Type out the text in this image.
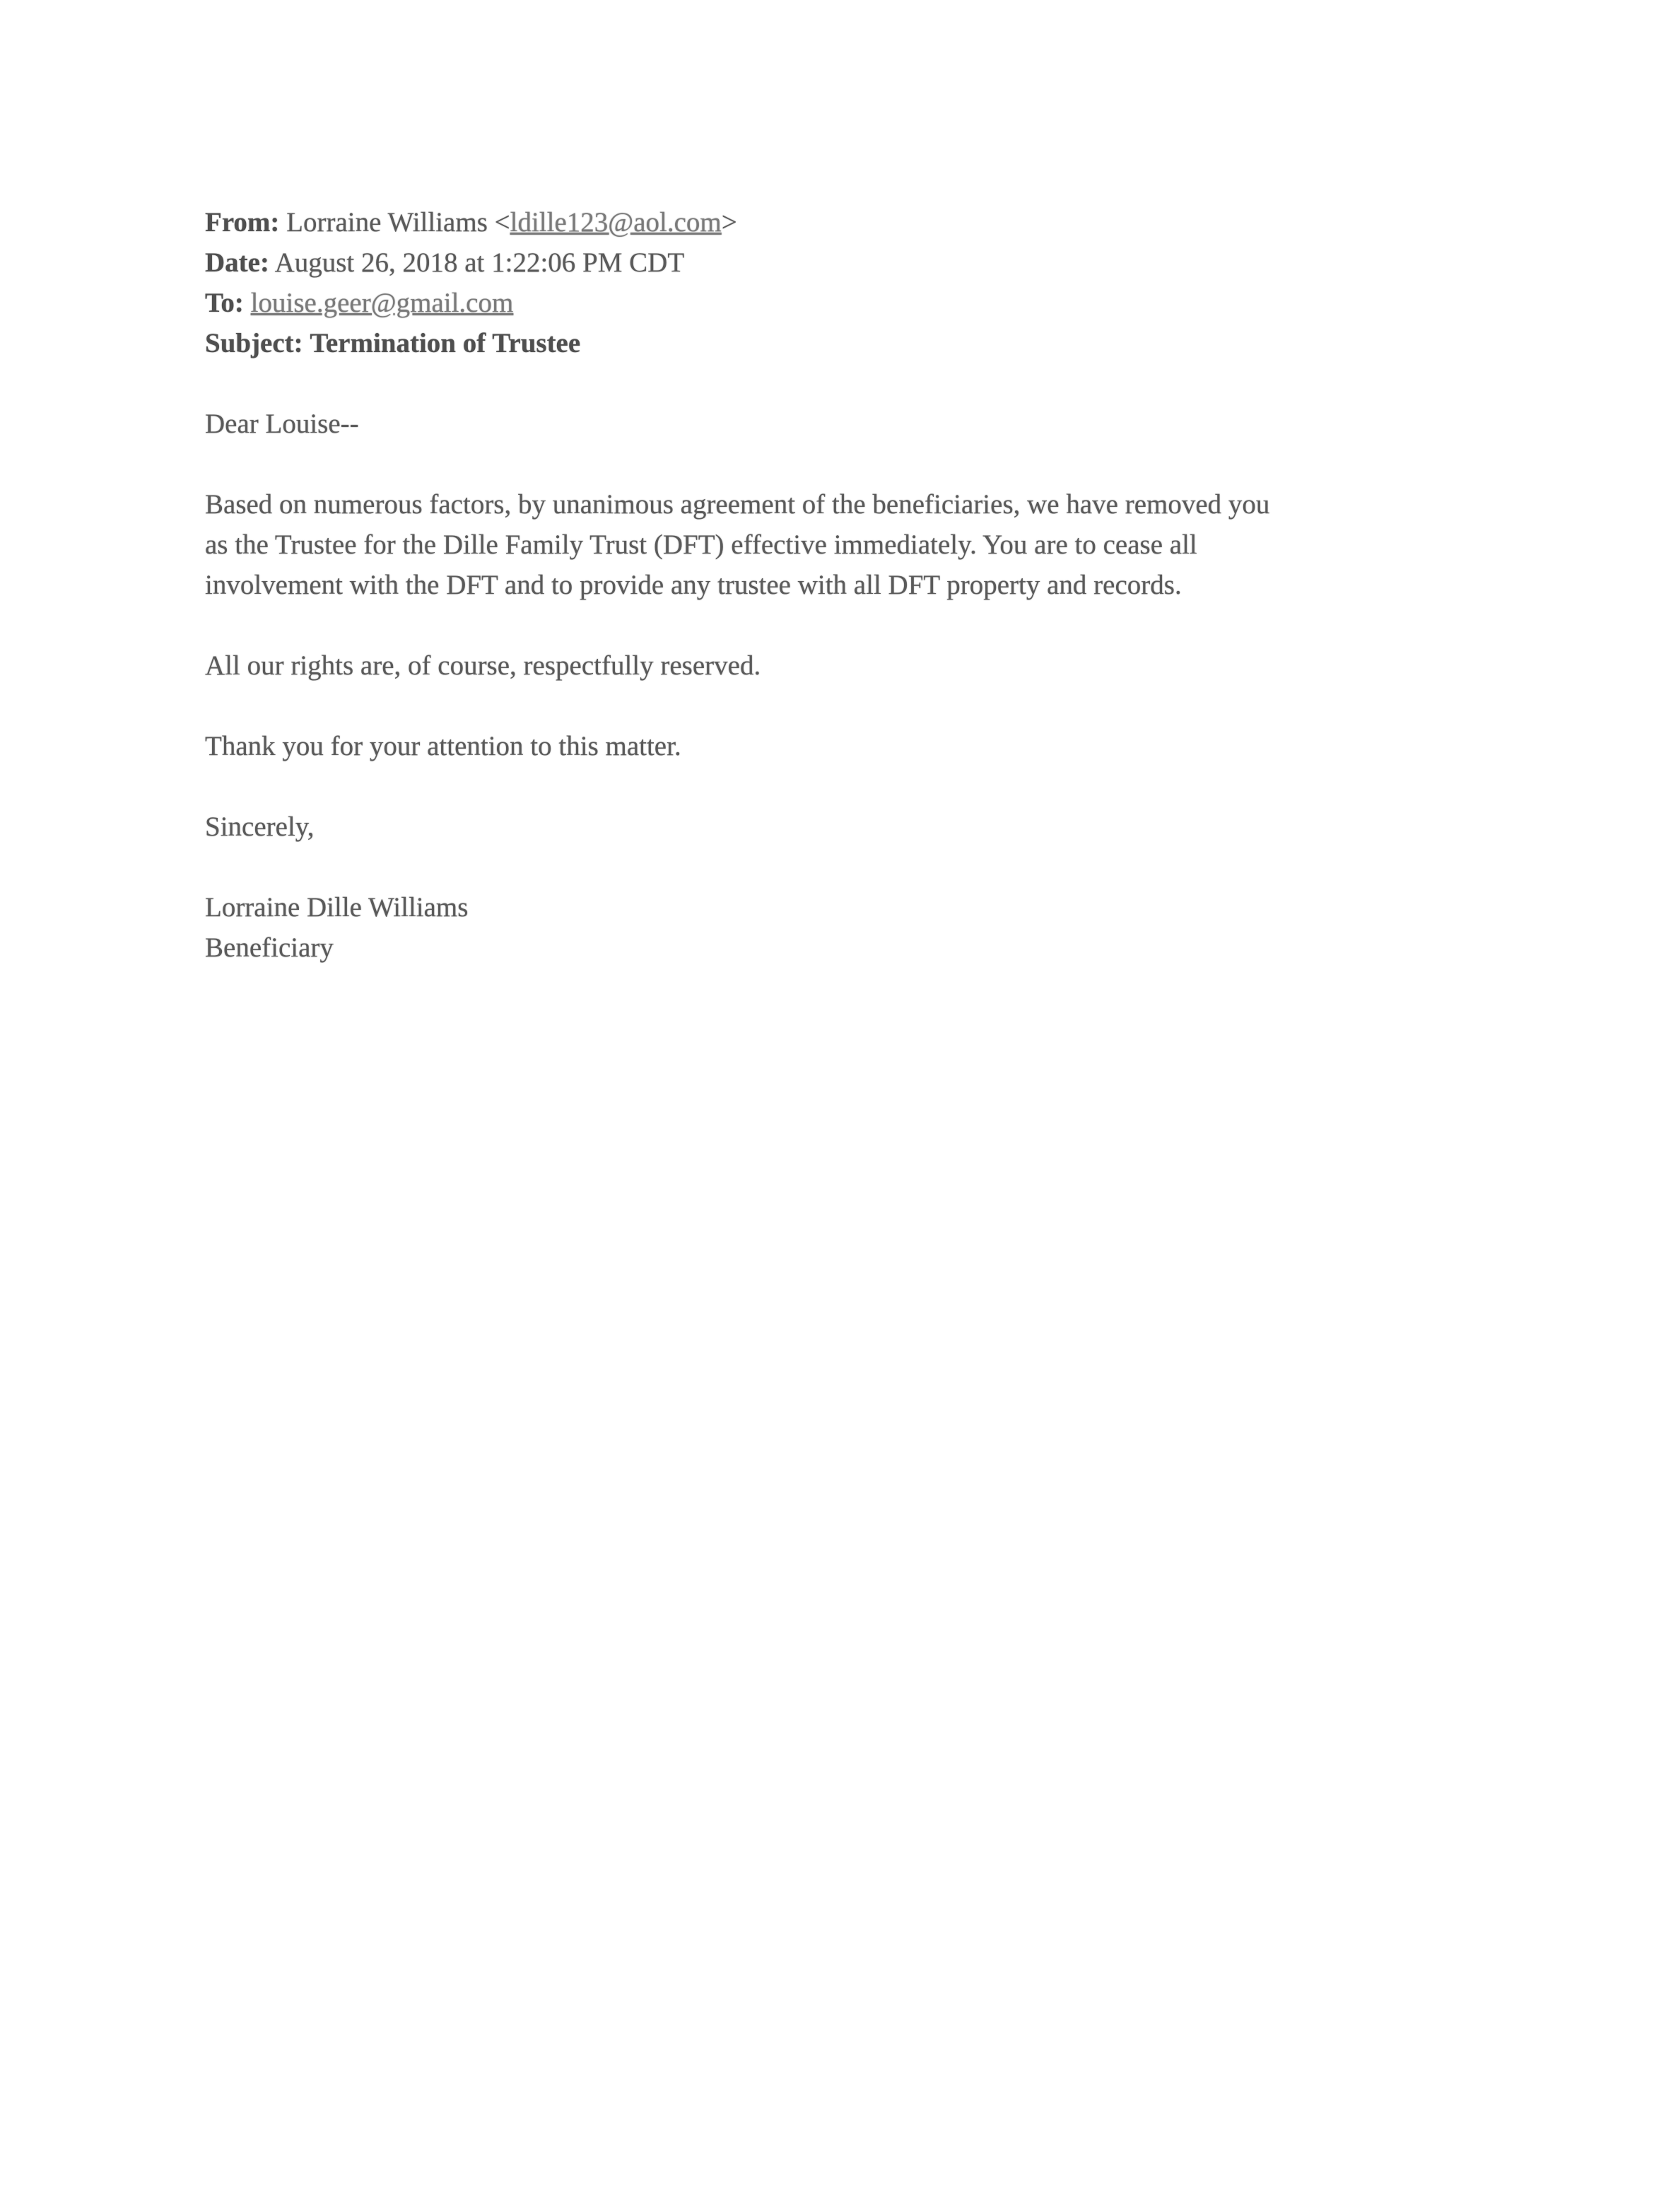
From: Lorraine Williams <ldille123@aol.com>
Date: August 26, 2018 at 1:22:06 PM CDT
To: louise.geer@gmail.com
Subject: Termination of Trustee

Dear Louise--

Based on numerous factors, by unanimous agreement of the beneficiaries, we have removed you
as the Trustee for the Dille Family Trust (DFT) effective immediately. You are to cease all
involvement with the DFT and to provide any trustee with all DFT property and records.

All our rights are, of course, respectfully reserved.

Thank you for your attention to this matter.

Sincerely,

Lorraine Dille Williams

Beneficiary
